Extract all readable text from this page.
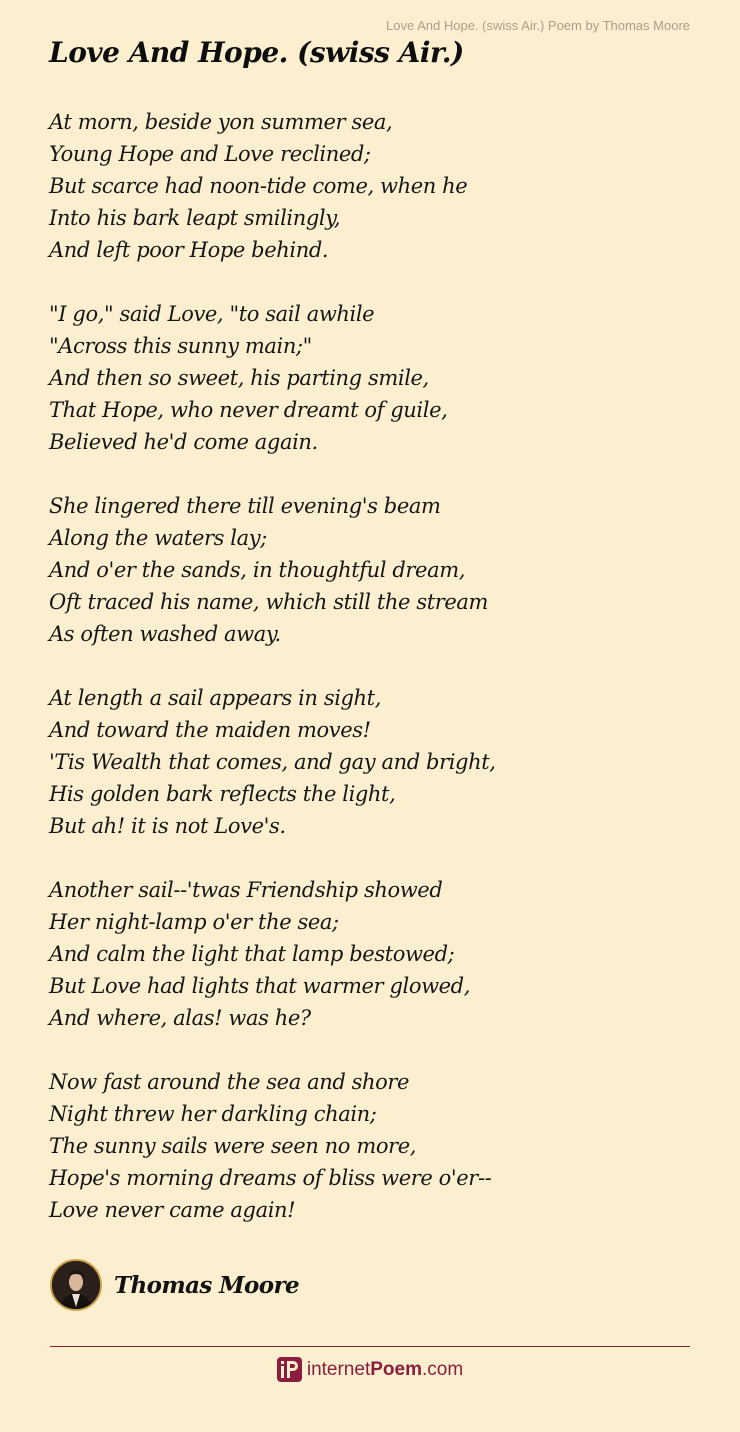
Love And Hope. (swiss Air.) Poem by Thomas Moore
Love And Hope. (swiss Air.)
At morn, beside yon summer sea,
Young Hope and Love reclined;
But scarce had noon-tide come, when he
Into his bark leapt smilingly,
And left poor Hope behind.
"I go," said Love, "to sail awhile
"Across this sunny main;"
And then so sweet, his parting smile,
That Hope, who never dreamt of guile,
Believed he'd come again.
She lingered there till evening's beam
Along the waters lay;
And o'er the sands, in thoughtful dream,
Oft traced his name, which still the stream
As often washed away.
At length a sail appears in sight,
And toward the maiden moves!
'Tis Wealth that comes, and gay and bright,
His golden bark reflects the light,
But ah! it is not Love's.
Another sail--'twas Friendship showed
Her night-lamp o'er the sea;
And calm the light that lamp bestowed;
But Love had lights that warmer glowed,
And where, alas! was he?
Now fast around the sea and shore
Night threw her darkling chain;
The sunny sails were seen no more,
Hope's morning dreams of bliss were o'er--
Love never came again!
Thomas Moore
internetPoem.com
